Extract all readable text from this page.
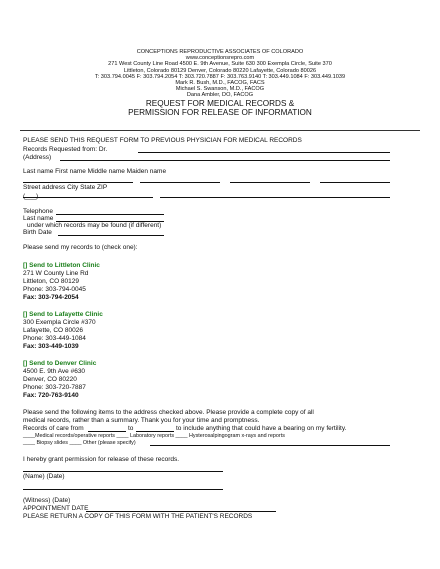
CONCEPTIONS REPRODUCTIVE ASSOCIATES OF COLORADO
www.conceptionsrepro.com
271 West County Line Road 4500 E. 9th Avenue, Suite 630 300 Exempla Circle, Suite 370
Littleton, Colorado 80129 Denver, Colorado 80220 Lafayette, Colorado 80026
T: 303.794.0045 F: 303.794.2054 T: 303.720.7887 F: 303.763.9140 T: 303.449.1084 F: 303.449.1039
Mark R. Bush, M.D., FACOG, FACS
Michael S. Swanson, M.D., FACOG
Dana Ambler, DO, FACOG
REQUEST FOR MEDICAL RECORDS &
PERMISSION FOR RELEASE OF INFORMATION
PLEASE SEND THIS REQUEST FORM TO PREVIOUS PHYSICIAN FOR MEDICAL RECORDS
Records Requested from: Dr.
(Address)
Last name First name Middle name Maiden name
Street address City State ZIP
(___)
Telephone
Last name
under which records may be found (if different)
Birth Date
Please send my records to (check one):
[] Send to Littleton Clinic
271 W County Line Rd
Littleton, CO 80129
Phone: 303-794-0045
Fax: 303-794-2054
[] Send to Lafayette Clinic
300 Exempla Circle #370
Lafayette, CO 80026
Phone: 303-449-1084
Fax: 303-449-1039
[] Send to Denver Clinic
4500 E. 9th Ave #630
Denver, CO 80220
Phone: 303-720-7887
Fax: 720-763-9140
Please send the following items to the address checked above. Please provide a complete copy of all
medical records, rather than a summary. Thank you for your time and promptness.
Records of care from	to	to include anything that could have a bearing on my fertility.
____Medical records/operative reports ____ Laboratory reports ____ Hysterosalpingogram x-rays and reports
____ Biopsy slides ____ Other (please specify)
I hereby grant permission for release of these records.
(Name) (Date)
(Witness) (Date)
APPOINTMENT DATE
PLEASE RETURN A COPY OF THIS FORM WITH THE PATIENT'S RECORDS
